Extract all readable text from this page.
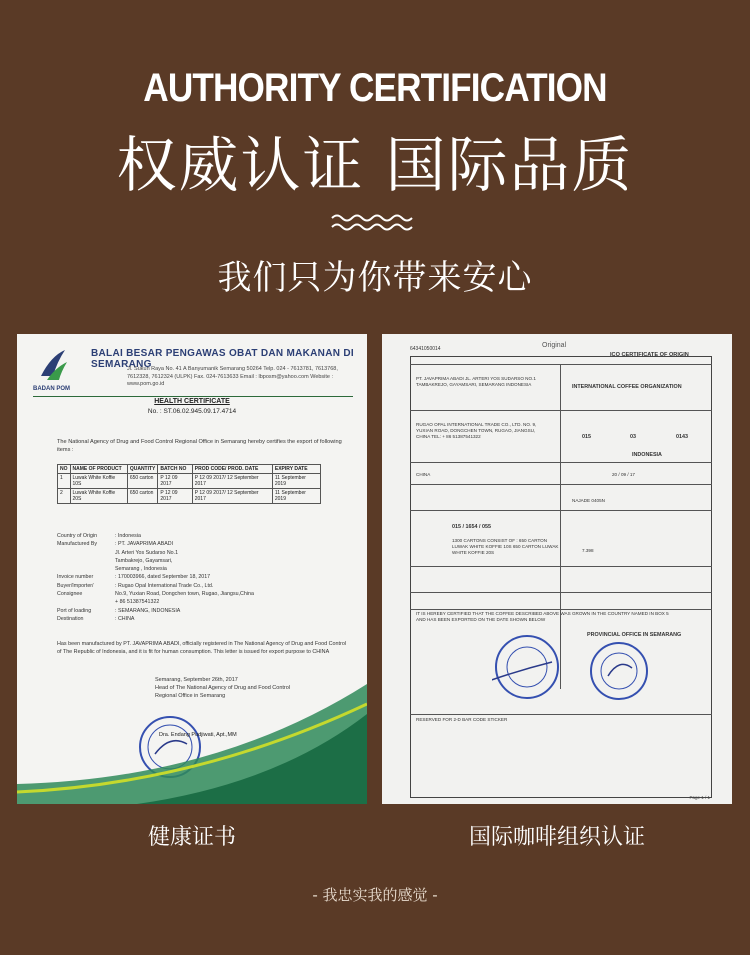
AUTHORITY CERTIFICATION
权威认证 国际品质
我们只为你带来安心
BALAI BESAR PENGAWAS OBAT DAN MAKANAN DI SEMARANG
Jl. Sukun Raya No. 41 A Banyumanik Semarang 50264 Telp. 024 - 7613781, 7613768, 7612328, 7612324 (ULPK) Fax. 024-7613633 Email : lbposm@yahoo.com Website : www.pom.go.id
BADAN POM
HEALTH CERTIFICATE
No. : ST.06.02.945.09.17.4714
The National Agency of Drug and Food Control Regional Office in Semarang hereby certifies the export of following items :
NO	NAME OF PRODUCT	QUANTITY	BATCH NO	PROD CODE/ PROD. DATE	EXPIRY DATE
1	Luwak White Koffie 10S	650 carton	P 12 09 2017	P 12 09 2017/ 12 September 2017	11 September 2019
2	Luwak White Koffie 20S	650 carton	P 12 09 2017	P 12 09 2017/ 12 September 2017	11 September 2019
Country of Origin	: Indonesia
Manufactured By	: PT. JAVAPRIMA ABADI
Jl. Arteri Yos Sudarso No.1
Tambakrejo, Gayamsari,
Semarang , Indonesia
Invoice number	: 170003966, dated September 18, 2017
Buyer/Importer/	: Rugao Opal International Trade Co., Ltd.
Consignee	No.9, Yuxian Road, Dongchen town, Rugao, Jiangsu,China
+ 86 51387541322
Port of loading	: SEMARANG, INDONESIA
Destination	: CHINA
Has been manufactured by PT. JAVAPRIMA ABADI, officially registered in The National Agency of Drug and Food Control of The Republic of Indonesia, and it is fit for human consumption. This letter is issued for export purpose to CHINA
Semarang, September 26th, 2017
Head of The National Agency of Drug and Food Control
Regional Office in Semarang
Dra. Endang Pudjiwati, Apt.,MM
64341050014	Original
ICO CERTIFICATE OF ORIGIN
PT. JAVAPRIMA ABADI JL. ARTERI YOS SUDARSO NO.1 TAMBAKREJO, GAYAMSARI, SEMARANG INDONESIA	INTERNATIONAL COFFEE ORGANIZATION
RUGAO OPAL INTERNATIONAL TRADE CO., LTD. NO. 9, YUXIAN ROAD, DONGCHEN TOWN, RUGAO, JIANGSU, CHINA TEL: + 86 51387541322	015	03	0143
INDONESIA
CHINA	20 / 09 / 17
NAJADE 0405N
015 / 1654 / 055
1300 CARTONS CONSIST OF : 650 CARTON LUWAK WHITE KOFFIE 10S 650 CARTON LUWAK WHITE KOFFIE 20S	7.398
IT IS HEREBY CERTIFIED THAT THE COFFEE DESCRIBED ABOVE WAS GROWN IN THE COUNTRY NAMED IN BOX 5 AND HAS BEEN EXPORTED ON THE DATE SHOWN BELOW
PROVINCIAL OFFICE IN SEMARANG
RESERVED FOR 2-D BAR CODE STICKER
Page 1 / 1
健康证书	国际咖啡组织认证
- 我忠实我的感觉 -
